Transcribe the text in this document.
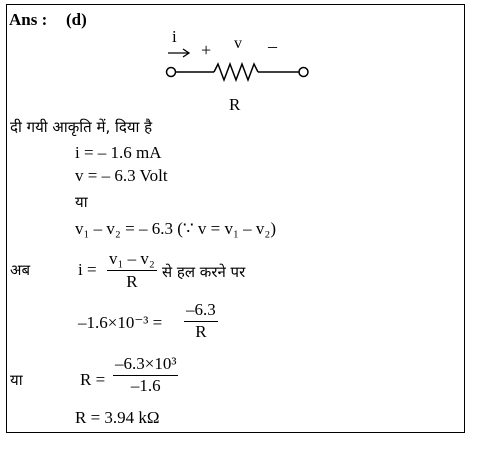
Ans : (d)
i
+ v –
R
दी गयी आकृति में, दिया है
i = – 1.6 mA
v = – 6.3 Volt
या
v₁ – v₂ = – 6.3 (∵ v = v₁ – v₂)
अब	$i = \frac{\text{v₁ – v₂}}{R}$ से हल करने पर
$-1.6\times 10^{-3} = \frac{-6.3}{R}$
या	$R = \frac{\text{–6.3×10³}}{-1.6}$
R = 3.94 kΩ
